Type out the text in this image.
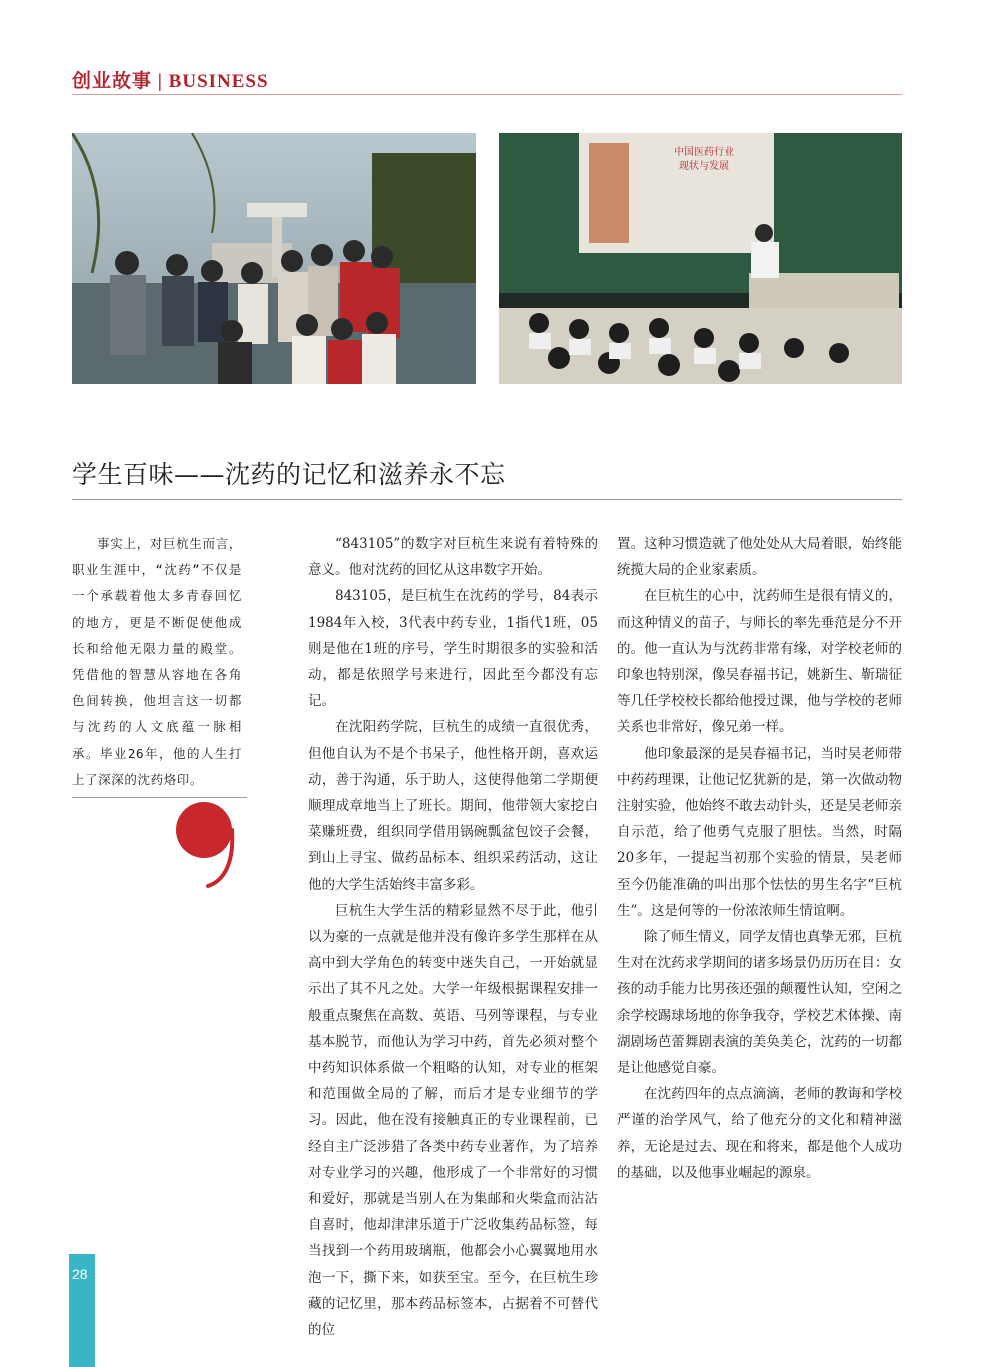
创业故事 | BUSINESS
中国医药行业
现状与发展
学生百味——沈药的记忆和滋养永不忘
事实上，对巨杭生而言，职业生涯中，“沈药”不仅是一个承载着他太多青春回忆的地方，更是不断促使他成长和给他无限力量的殿堂。凭借他的智慧从容地在各角色间转换，他坦言这一切都与沈药的人文底蕴一脉相承。毕业26年，他的人生打上了深深的沈药烙印。

“843105”的数字对巨杭生来说有着特殊的意义。他对沈药的回忆从这串数字开始。

843105，是巨杭生在沈药的学号，84表示1984年入校，3代表中药专业，1指代1班，05则是他在1班的序号，学生时期很多的实验和活动，都是依照学号来进行，因此至今都没有忘记。

在沈阳药学院，巨杭生的成绩一直很优秀，但他自认为不是个书呆子，他性格开朗，喜欢运动，善于沟通，乐于助人，这使得他第二学期便顺理成章地当上了班长。期间，他带领大家挖白菜赚班费，组织同学借用锅碗瓢盆包饺子会餐，到山上寻宝、做药品标本、组织采药活动，这让他的大学生活始终丰富多彩。

巨杭生大学生活的精彩显然不尽于此，他引以为豪的一点就是他并没有像许多学生那样在从高中到大学角色的转变中迷失自己，一开始就显示出了其不凡之处。大学一年级根据课程安排一般重点聚焦在高数、英语、马列等课程，与专业基本脱节，而他认为学习中药，首先必须对整个中药知识体系做一个粗略的认知，对专业的框架和范围做全局的了解，而后才是专业细节的学习。因此，他在没有接触真正的专业课程前，已经自主广泛涉猎了各类中药专业著作，为了培养对专业学习的兴趣，他形成了一个非常好的习惯和爱好，那就是当别人在为集邮和火柴盒而沾沾自喜时，他却津津乐道于广泛收集药品标签，每当找到一个药用玻璃瓶，他都会小心翼翼地用水泡一下，撕下来，如获至宝。至今，在巨杭生珍藏的记忆里，那本药品标签本，占据着不可替代的位

置。这种习惯造就了他处处从大局着眼，始终能统揽大局的企业家素质。

在巨杭生的心中，沈药师生是很有情义的，而这种情义的苗子，与师长的率先垂范是分不开的。他一直认为与沈药非常有缘，对学校老师的印象也特别深，像吴春福书记，姚新生、靳瑞征等几任学校校长都给他授过课，他与学校的老师关系也非常好，像兄弟一样。

他印象最深的是吴春福书记，当时吴老师带中药药理课，让他记忆犹新的是，第一次做动物注射实验，他始终不敢去动针头，还是吴老师亲自示范，给了他勇气克服了胆怯。当然，时隔20多年，一提起当初那个实验的情景，吴老师至今仍能准确的叫出那个怯怯的男生名字“巨杭生”。这是何等的一份浓浓师生情谊啊。

除了师生情义，同学友情也真挚无邪，巨杭生对在沈药求学期间的诸多场景仍历历在目：女孩的动手能力比男孩还强的颠覆性认知，空闲之余学校踢球场地的你争我夺，学校艺术体操、南湖剧场芭蕾舞剧表演的美奂美仑，沈药的一切都是让他感觉自豪。

在沈药四年的点点滴滴，老师的教诲和学校严谨的治学风气，给了他充分的文化和精神滋养，无论是过去、现在和将来，都是他个人成功的基础，以及他事业崛起的源泉。

28
